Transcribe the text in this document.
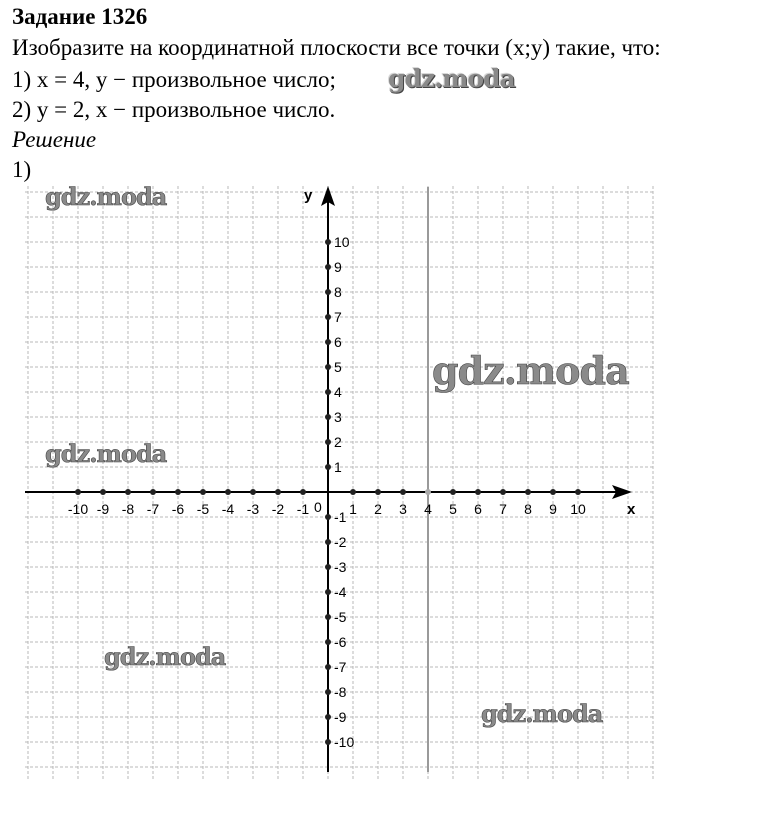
Задание 1326

Изобразите на координатной плоскости все точки (x;y) такие, что:

1) x = 4, y − произвольное число; gdz.moda

2) y = 2, x − произвольное число.

Решение

1)

x
y
0
-10 -9 -8 -7 -6 -5 -4 -3 -2 -1	1 2 3 4 5 6 7 8 9 10
-10
-9
-8
-7
-6
-5
-4
-3
-2
-1
1
2
3
4
5
6
7
8
9
10
gdz.moda
gdz.moda
gdz.moda
gdz.moda
gdz.moda
